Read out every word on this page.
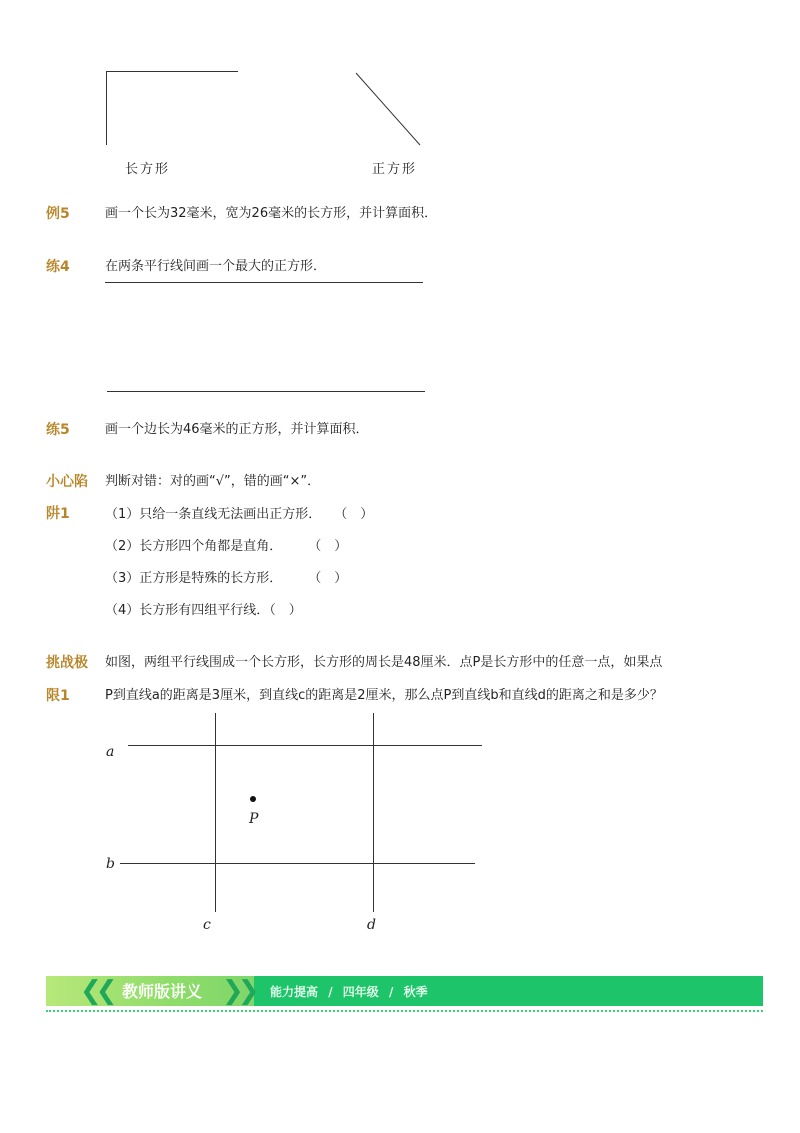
长方形	正方形
例5	画一个长为32毫米，宽为26毫米的长方形，并计算面积．
练4	在两条平行线间画一个最大的正方形．
练5	画一个边长为46毫米的正方形，并计算面积．
小心陷
阱1
判断对错：对的画“√”，错的画“×”．
（1）只给一条直线无法画出正方形．　　（　）
（2）长方形四个角都是直角．　　　（　）
（3）正方形是特殊的长方形．　　　（　）
（4）长方形有四组平行线．（　）
挑战极
限1
如图，两组平行线围成一个长方形，长方形的周长是48厘米．点P是长方形中的任意一点，如果点
P到直线a的距离是3厘米，到直线c的距离是2厘米，那么点P到直线b和直线d的距离之和是多少？
a
b
c	d
P
❮❮ 教师版讲义 ❯❯ 能力提高 / 四年级 / 秋季
